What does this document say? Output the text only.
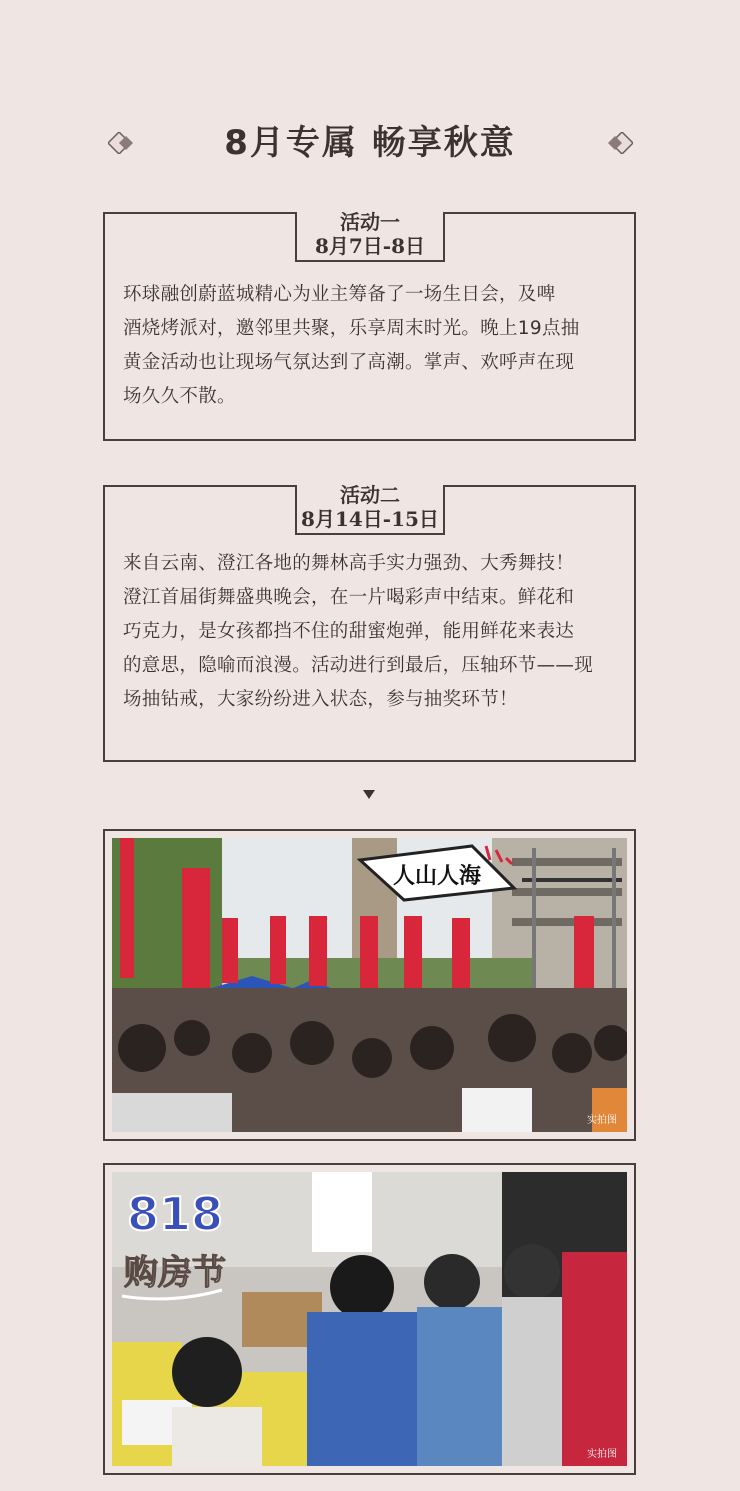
8月专属 畅享秋意
活动一
8月7日-8日
环球融创蔚蓝城精心为业主筹备了一场生日会，及啤
酒烧烤派对，邀邻里共聚，乐享周末时光。晚上19点抽
黄金活动也让现场气氛达到了高潮。掌声、欢呼声在现
场久久不散。
活动二
8月14日-15日
来自云南、澄江各地的舞林高手实力强劲、大秀舞技！
澄江首届街舞盛典晚会，在一片喝彩声中结束。鲜花和
巧克力，是女孩都挡不住的甜蜜炮弹，能用鲜花来表达
的意思，隐喻而浪漫。活动进行到最后，压轴环节——现
场抽钻戒，大家纷纷进入状态，参与抽奖环节！
人山人海
实拍图
818
购房节
实拍图
